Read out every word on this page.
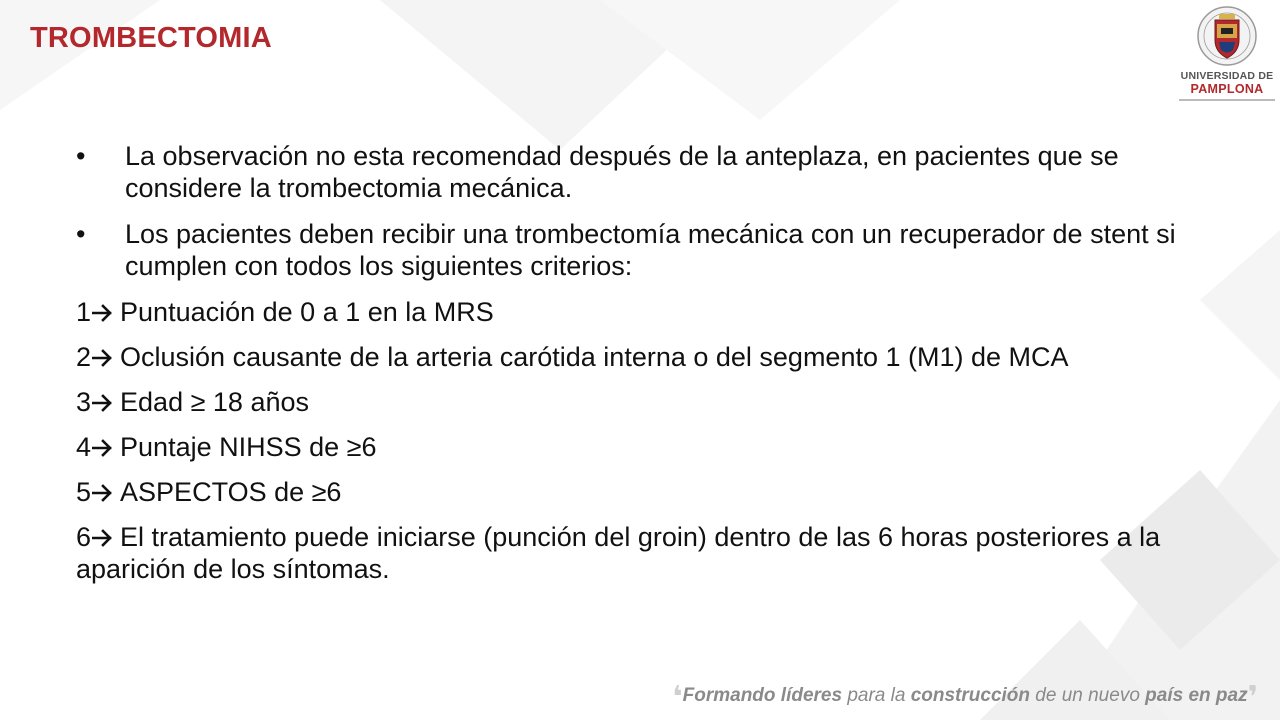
TROMBECTOMIA
UNIVERSIDAD DE
PAMPLONA
•	La observación no esta recomendad después de la anteplaza, en pacientes que se considere la trombectomia mecánica.
•	Los pacientes deben recibir una trombectomía mecánica con un recuperador de stent si cumplen con todos los siguientes criterios:
1 Puntuación de 0 a 1 en la MRS
2 Oclusión causante de la arteria carótida interna o del segmento 1 (M1) de MCA
3 Edad ≥ 18 años
4 Puntaje NIHSS de ≥6
5 ASPECTOS de ≥6
6 El tratamiento puede iniciarse (punción del groin) dentro de las 6 horas posteriores a la aparición de los síntomas.
❛Formando líderes para la construcción de un nuevo país en paz❜
